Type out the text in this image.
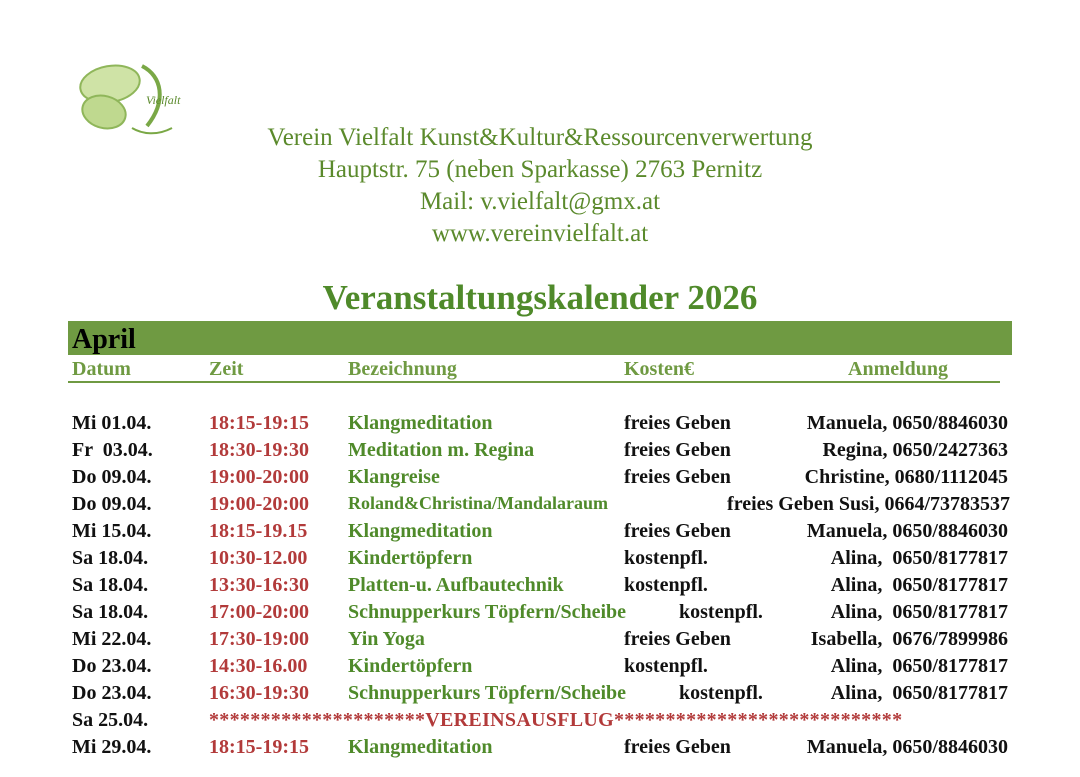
Vielfalt
Verein Vielfalt Kunst&Kultur&Ressourcenverwertung
Hauptstr. 75 (neben Sparkasse) 2763 Pernitz
Mail: v.vielfalt@gmx.at
www.vereinvielfalt.at
Veranstaltungskalender 2026
April
Datum	Zeit	Bezeichnung	Kosten€	Anmeldung
Mi 01.04.	18:15-19:15 Klangmeditation	freies Geben	Manuela, 0650/8846030
Fr  03.04.	18:30-19:30 Meditation m. Regina	freies Geben	Regina, 0650/2427363
Do 09.04.	19:00-20:00 Klangreise	freies Geben	Christine, 0680/1112045
Do 09.04.	19:00-20:00 Roland&Christina/Mandalaraum	freies Geben Susi, 0664/73783537
Mi 15.04.	18:15-19.15 Klangmeditation	freies Geben	Manuela, 0650/8846030
Sa 18.04.	10:30-12.00 Kindertöpfern	kostenpfl.	Alina,  0650/8177817
Sa 18.04.	13:30-16:30 Platten-u. Aufbautechnik	kostenpfl.	Alina,  0650/8177817
Sa 18.04.	17:00-20:00 Schnupperkurs Töpfern/Scheibe	kostenpfl.	Alina,  0650/8177817
Mi 22.04.	17:30-19:00 Yin Yoga	freies Geben	Isabella,  0676/7899986
Do 23.04.	14:30-16.00 Kindertöpfern	kostenpfl.	Alina,  0650/8177817
Do 23.04.	16:30-19:30 Schnupperkurs Töpfern/Scheibe	kostenpfl.	Alina,  0650/8177817
Sa 25.04.	*********************VEREINSAUSFLUG****************************
Mi 29.04.	18:15-19:15 Klangmeditation	freies Geben	Manuela, 0650/8846030
